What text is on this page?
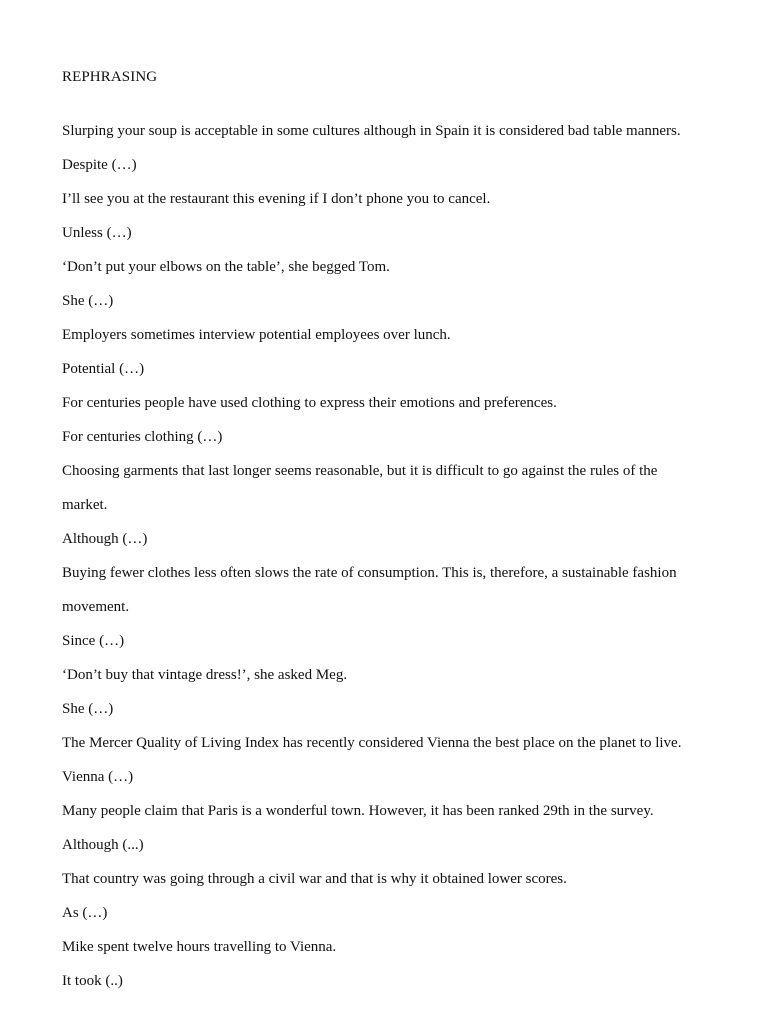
REPHRASING

Slurping your soup is acceptable in some cultures although in Spain it is considered bad table manners.

Despite (…)

I’ll see you at the restaurant this evening if I don’t phone you to cancel.

Unless (…)

‘Don’t put your elbows on the table’, she begged Tom.

She (…)

Employers sometimes interview potential employees over lunch.

Potential (…)

For centuries people have used clothing to express their emotions and preferences.

For centuries clothing (…)

Choosing garments that last longer seems reasonable, but it is difficult to go against the rules of the

market.

Although (…)

Buying fewer clothes less often slows the rate of consumption. This is, therefore, a sustainable fashion

movement.

Since (…)

‘Don’t buy that vintage dress!’, she asked Meg.

She (…)

The Mercer Quality of Living Index has recently considered Vienna the best place on the planet to live.

Vienna (…)

Many people claim that Paris is a wonderful town. However, it has been ranked 29th in the survey.

Although (...)

That country was going through a civil war and that is why it obtained lower scores.

As (…)

Mike spent twelve hours travelling to Vienna.

It took (..)
